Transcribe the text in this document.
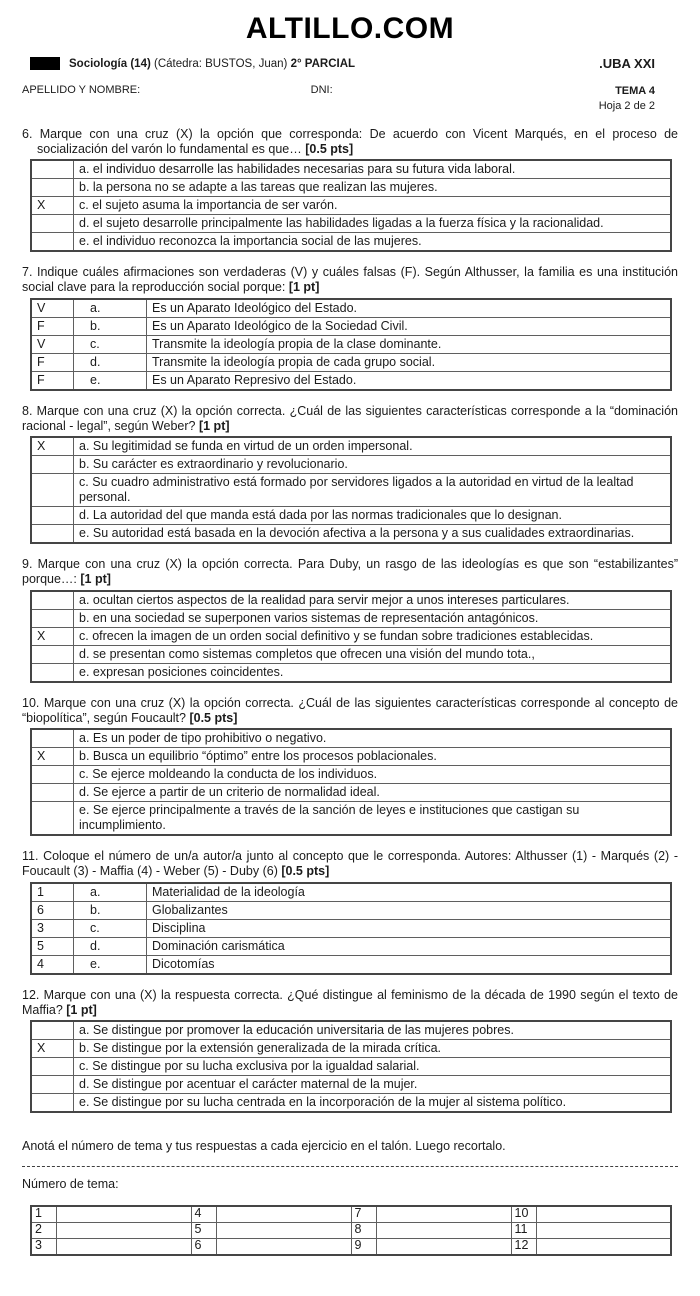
ALTILLO.COM
Sociología (14) (Cátedra: BUSTOS, Juan) 2° PARCIAL	.UBA XXI
APELLIDO Y NOMBRE:	DNI:	TEMA 4
Hoja 2 de 2

6. Marque con una cruz (X) la opción que corresponda: De acuerdo con Vicent Marqués, en el proceso de socialización del varón lo fundamental es que… [0.5 pts]

	a. el individuo desarrolle las habilidades necesarias para su futura vida laboral.
	b. la persona no se adapte a las tareas que realizan las mujeres.
X	c. el sujeto asuma la importancia de ser varón.
	d. el sujeto desarrolle principalmente las habilidades ligadas a la fuerza física y la racionalidad.
	e. el individuo reconozca la importancia social de las mujeres.

7. Indique cuáles afirmaciones son verdaderas (V) y cuáles falsas (F). Según Althusser, la familia es una institución social clave para la reproducción social porque: [1 pt]

V	a.	Es un Aparato Ideológico del Estado.
F	b.	Es un Aparato Ideológico de la Sociedad Civil.
V	c.	Transmite la ideología propia de la clase dominante.
F	d.	Transmite la ideología propia de cada grupo social.
F	e.	Es un Aparato Represivo del Estado.

8. Marque con una cruz (X) la opción correcta. ¿Cuál de las siguientes características corresponde a la “dominación racional - legal”, según Weber? [1 pt]

X	a. Su legitimidad se funda en virtud de un orden impersonal.
	b. Su carácter es extraordinario y revolucionario.
	c. Su cuadro administrativo está formado por servidores ligados a la autoridad en virtud de la lealtad personal.
	d. La autoridad del que manda está dada por las normas tradicionales que lo designan.
	e. Su autoridad está basada en la devoción afectiva a la persona y a sus cualidades extraordinarias.

9. Marque con una cruz (X) la opción correcta. Para Duby, un rasgo de las ideologías es que son “estabilizantes” porque…: [1 pt]

	a. ocultan ciertos aspectos de la realidad para servir mejor a unos intereses particulares.
	b. en una sociedad se superponen varios sistemas de representación antagónicos.
X	c. ofrecen la imagen de un orden social definitivo y se fundan sobre tradiciones establecidas.
	d. se presentan como sistemas completos que ofrecen una visión del mundo tota.,
	e. expresan posiciones coincidentes.

10. Marque con una cruz (X) la opción correcta. ¿Cuál de las siguientes características corresponde al concepto de “biopolítica”, según Foucault? [0.5 pts]

	a. Es un poder de tipo prohibitivo o negativo.
X	b. Busca un equilibrio “óptimo” entre los procesos poblacionales.
	c. Se ejerce moldeando la conducta de los individuos.
	d. Se ejerce a partir de un criterio de normalidad ideal.
	e. Se ejerce principalmente a través de la sanción de leyes e instituciones que castigan su incumplimiento.

11. Coloque el número de un/a autor/a junto al concepto que le corresponda. Autores: Althusser (1) - Marqués (2) - Foucault (3) - Maffia (4) - Weber (5) - Duby (6) [0.5 pts]

1	a.	Materialidad de la ideología
6	b.	Globalizantes
3	c.	Disciplina
5	d.	Dominación carismática
4	e.	Dicotomías

12. Marque con una (X) la respuesta correcta. ¿Qué distingue al feminismo de la década de 1990 según el texto de Maffia? [1 pt]

	a. Se distingue por promover la educación universitaria de las mujeres pobres.
X	b. Se distingue por la extensión generalizada de la mirada crítica.
	c. Se distingue por su lucha exclusiva por la igualdad salarial.
	d. Se distingue por acentuar el carácter maternal de la mujer.
	e. Se distingue por su lucha centrada en la incorporación de la mujer al sistema político.

Anotá el número de tema y tus respuestas a cada ejercicio en el talón. Luego recortalo.

Número de tema:

1		4		7		10	
2		5		8		11	
3		6		9		12	
